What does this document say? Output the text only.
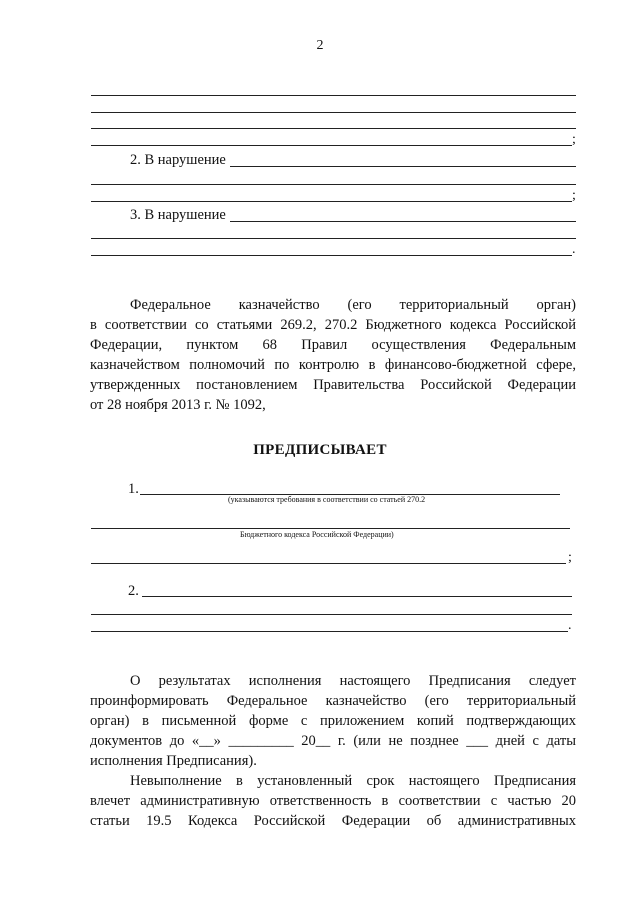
2
;
2. В нарушение
;
3. В нарушение
.
Федеральное казначейство (его территориальный орган)
в соответствии со статьями 269.2, 270.2 Бюджетного кодекса Российской
Федерации, пунктом 68 Правил осуществления Федеральным
казначейством полномочий по контролю в финансово-бюджетной сфере,
утвержденных постановлением Правительства Российской Федерации
от 28 ноября 2013 г. № 1092,
ПРЕДПИСЫВАЕТ
1.
(указываются требования в соответствии со статьей 270.2
Бюджетного кодекса Российской Федерации)
;
2.
.
О результатах исполнения настоящего Предписания следует
проинформировать Федеральное казначейство (его территориальный
орган) в письменной форме с приложением копий подтверждающих
документов до «__» _________ 20__ г. (или не позднее ___ дней с даты
исполнения Предписания).
Невыполнение в установленный срок настоящего Предписания
влечет административную ответственность в соответствии с частью 20
статьи 19.5 Кодекса Российской Федерации об административных
